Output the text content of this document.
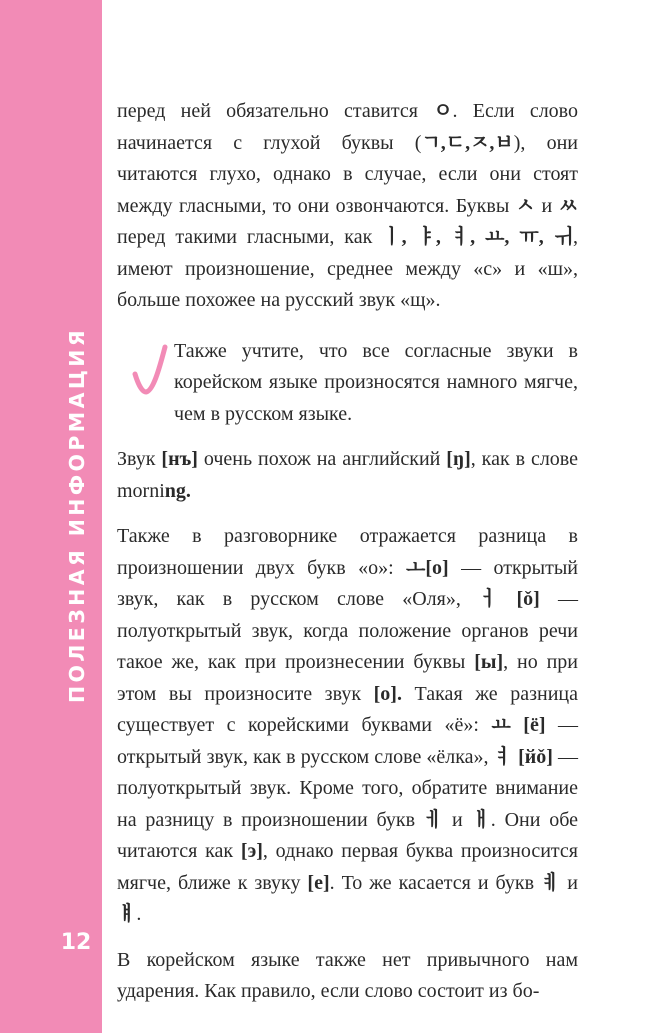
ПОЛЕЗНАЯ ИНФОРМАЦИЯ
12

перед ней обязательно ставится ㅇ. Если слово начинается с глухой буквы (ㄱ,ㄷ,ㅈ,ㅂ), они читаются глухо, однако в случае, если они стоят между гласными, то они озвончаются. Буквы ㅅ и ㅆ перед такими гласными, как ㅣ, ㅑ, ㅕ, ㅛ, ㅠ, ㅟ, имеют произношение, среднее между «с» и «ш», больше похожее на русский звук «щ».

Также учтите, что все согласные звуки в корейском языке произносятся намного мягче, чем в русском языке.

Звук [нъ] очень похож на английский [ŋ], как в слове morning.

Также в разговорнике отражается разница в произношении двух букв «о»: ㅗ[о] — открытый звук, как в русском слове «Оля», ㅓ [ǒ] — полуоткрытый звук, когда положение органов речи такое же, как при произнесении буквы [ы], но при этом вы произносите звук [о]. Такая же разница существует с корейскими буквами «ё»: ㅛ [ё] — открытый звук, как в русском слове «ёлка», ㅕ [йǒ] — полуоткрытый звук. Кроме того, обратите внимание на разницу в произношении букв ㅔ и ㅐ. Они обе читаются как [э], однако первая буква произносится мягче, ближе к звуку [е]. То же касается и букв ㅖ и ㅒ.

В корейском языке также нет привычного нам ударения. Как правило, если слово состоит из бо-
